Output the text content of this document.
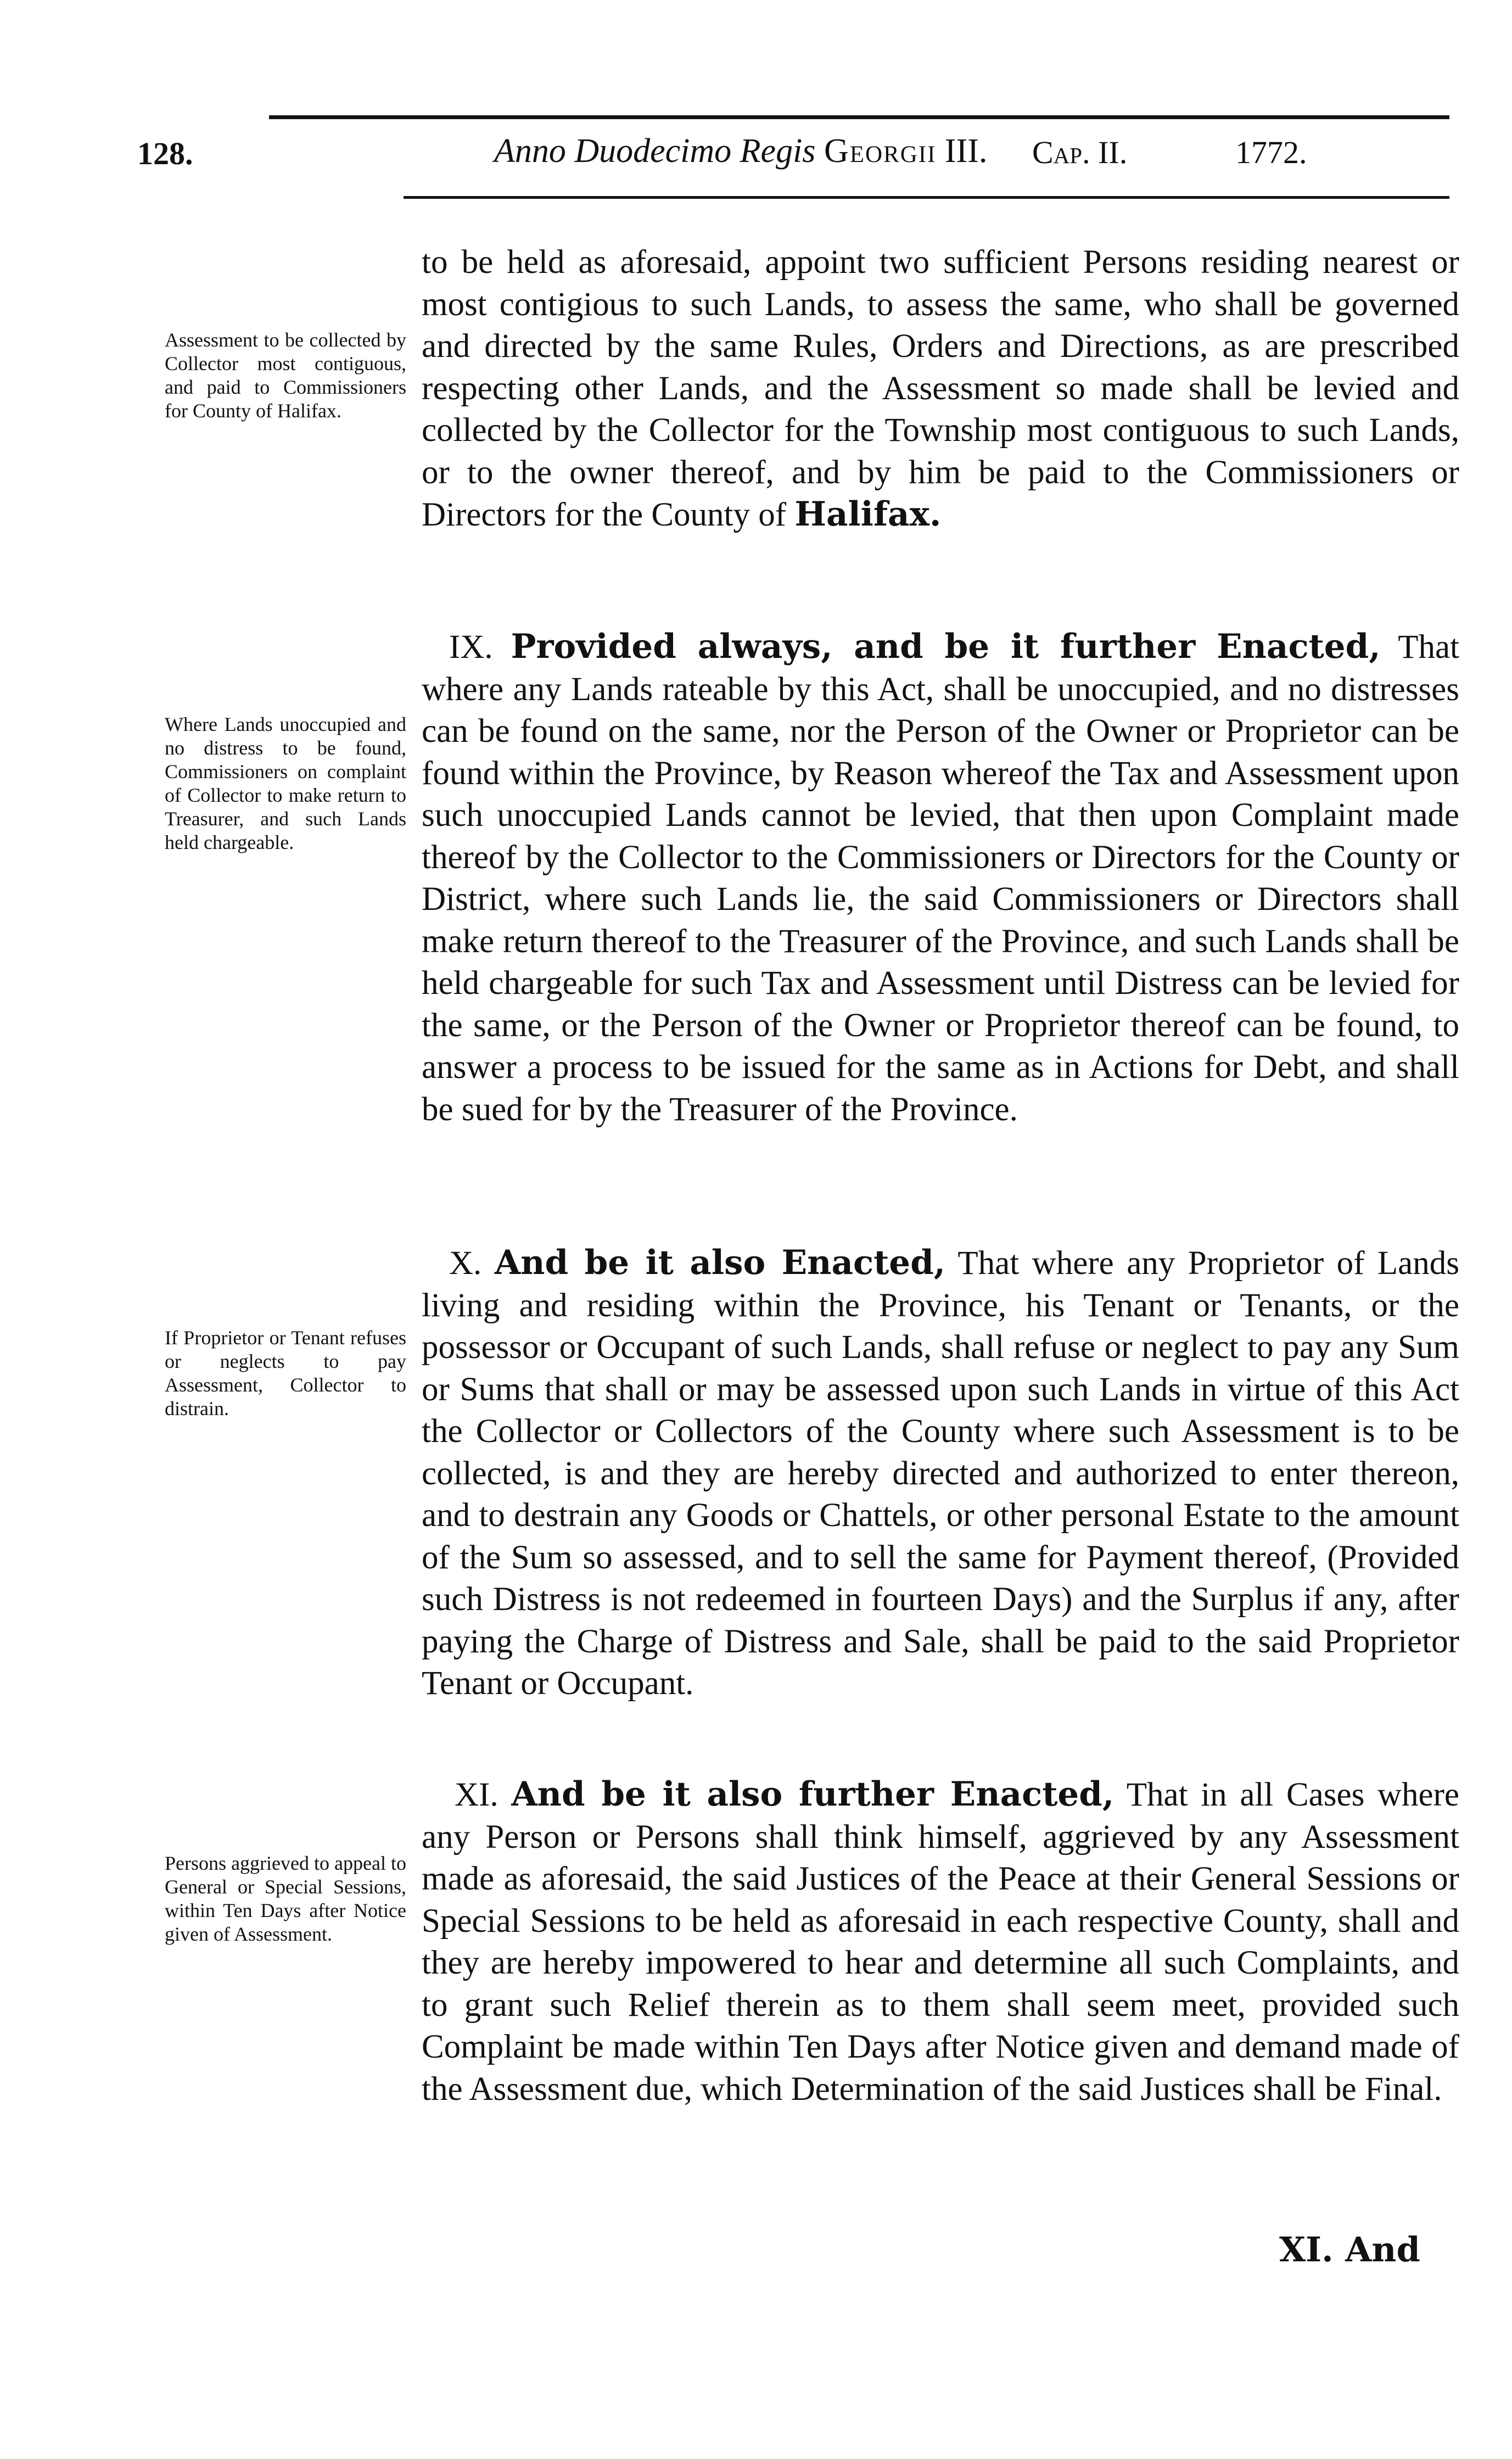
128.	Anno Duodecimo Regis Georgii III. Cap. II.	1772.

to be held as aforesaid, appoint two sufficient Persons residing nearest or most contigious to such Lands, to assess the same, who shall be governed and directed by the same Rules, Orders and Directions, as are prescribed respecting other Lands, and the Assessment so made shall be levied and collected by the Collector for the Township most contiguous to such Lands, or to the owner thereof, and by him be paid to the Commissioners or Directors for the County of Halifax.

Assessment to be collected by Collector most contiguous, and paid to Commissioners for County of Halifax.

IX. Provided always, and be it further Enacted, That where any Lands rateable by this Act, shall be unoccupied, and no distresses can be found on the same, nor the Person of the Owner or Proprietor can be found within the Province, by Reason whereof the Tax and Assessment upon such unoccupied Lands cannot be levied, that then upon Complaint made thereof by the Collector to the Commissioners or Directors for the County or District, where such Lands lie, the said Commissioners or Directors shall make return thereof to the Treasurer of the Province, and such Lands shall be held chargeable for such Tax and Assessment until Distress can be levied for the same, or the Person of the Owner or Proprietor thereof can be found, to answer a process to be issued for the same as in Actions for Debt, and shall be sued for by the Treasurer of the Province.

Where Lands unoccupied and no distress to be found, Commissioners on complaint of Collector to make return to Treasurer, and such Lands held chargeable.

X. And be it also Enacted, That where any Proprietor of Lands living and residing within the Province, his Tenant or Tenants, or the possessor or Occupant of such Lands, shall refuse or neglect to pay any Sum or Sums that shall or may be assessed upon such Lands in virtue of this Act the Collector or Collectors of the County where such Assessment is to be collected, is and they are hereby directed and authorized to enter thereon, and to destrain any Goods or Chattels, or other personal Estate to the amount of the Sum so assessed, and to sell the same for Payment thereof, (Provided such Distress is not redeemed in fourteen Days) and the Surplus if any, after paying the Charge of Distress and Sale, shall be paid to the said Proprietor Tenant or Occupant.

If Proprietor or Tenant refuses or neglects to pay Assessment, Collector to distrain.

XI. And be it also further Enacted, That in all Cases where any Person or Persons shall think himself, aggrieved by any Assessment made as aforesaid, the said Justices of the Peace at their General Sessions or Special Sessions to be held as aforesaid in each respective County, shall and they are hereby impowered to hear and determine all such Complaints, and to grant such Relief therein as to them shall seem meet, provided such Complaint be made within Ten Days after Notice given and demand made of the Assessment due, which Determination of the said Justices shall be Final.

Persons aggrieved to appeal to General or Special Sessions, within Ten Days after Notice given of Assessment.
XI. And
